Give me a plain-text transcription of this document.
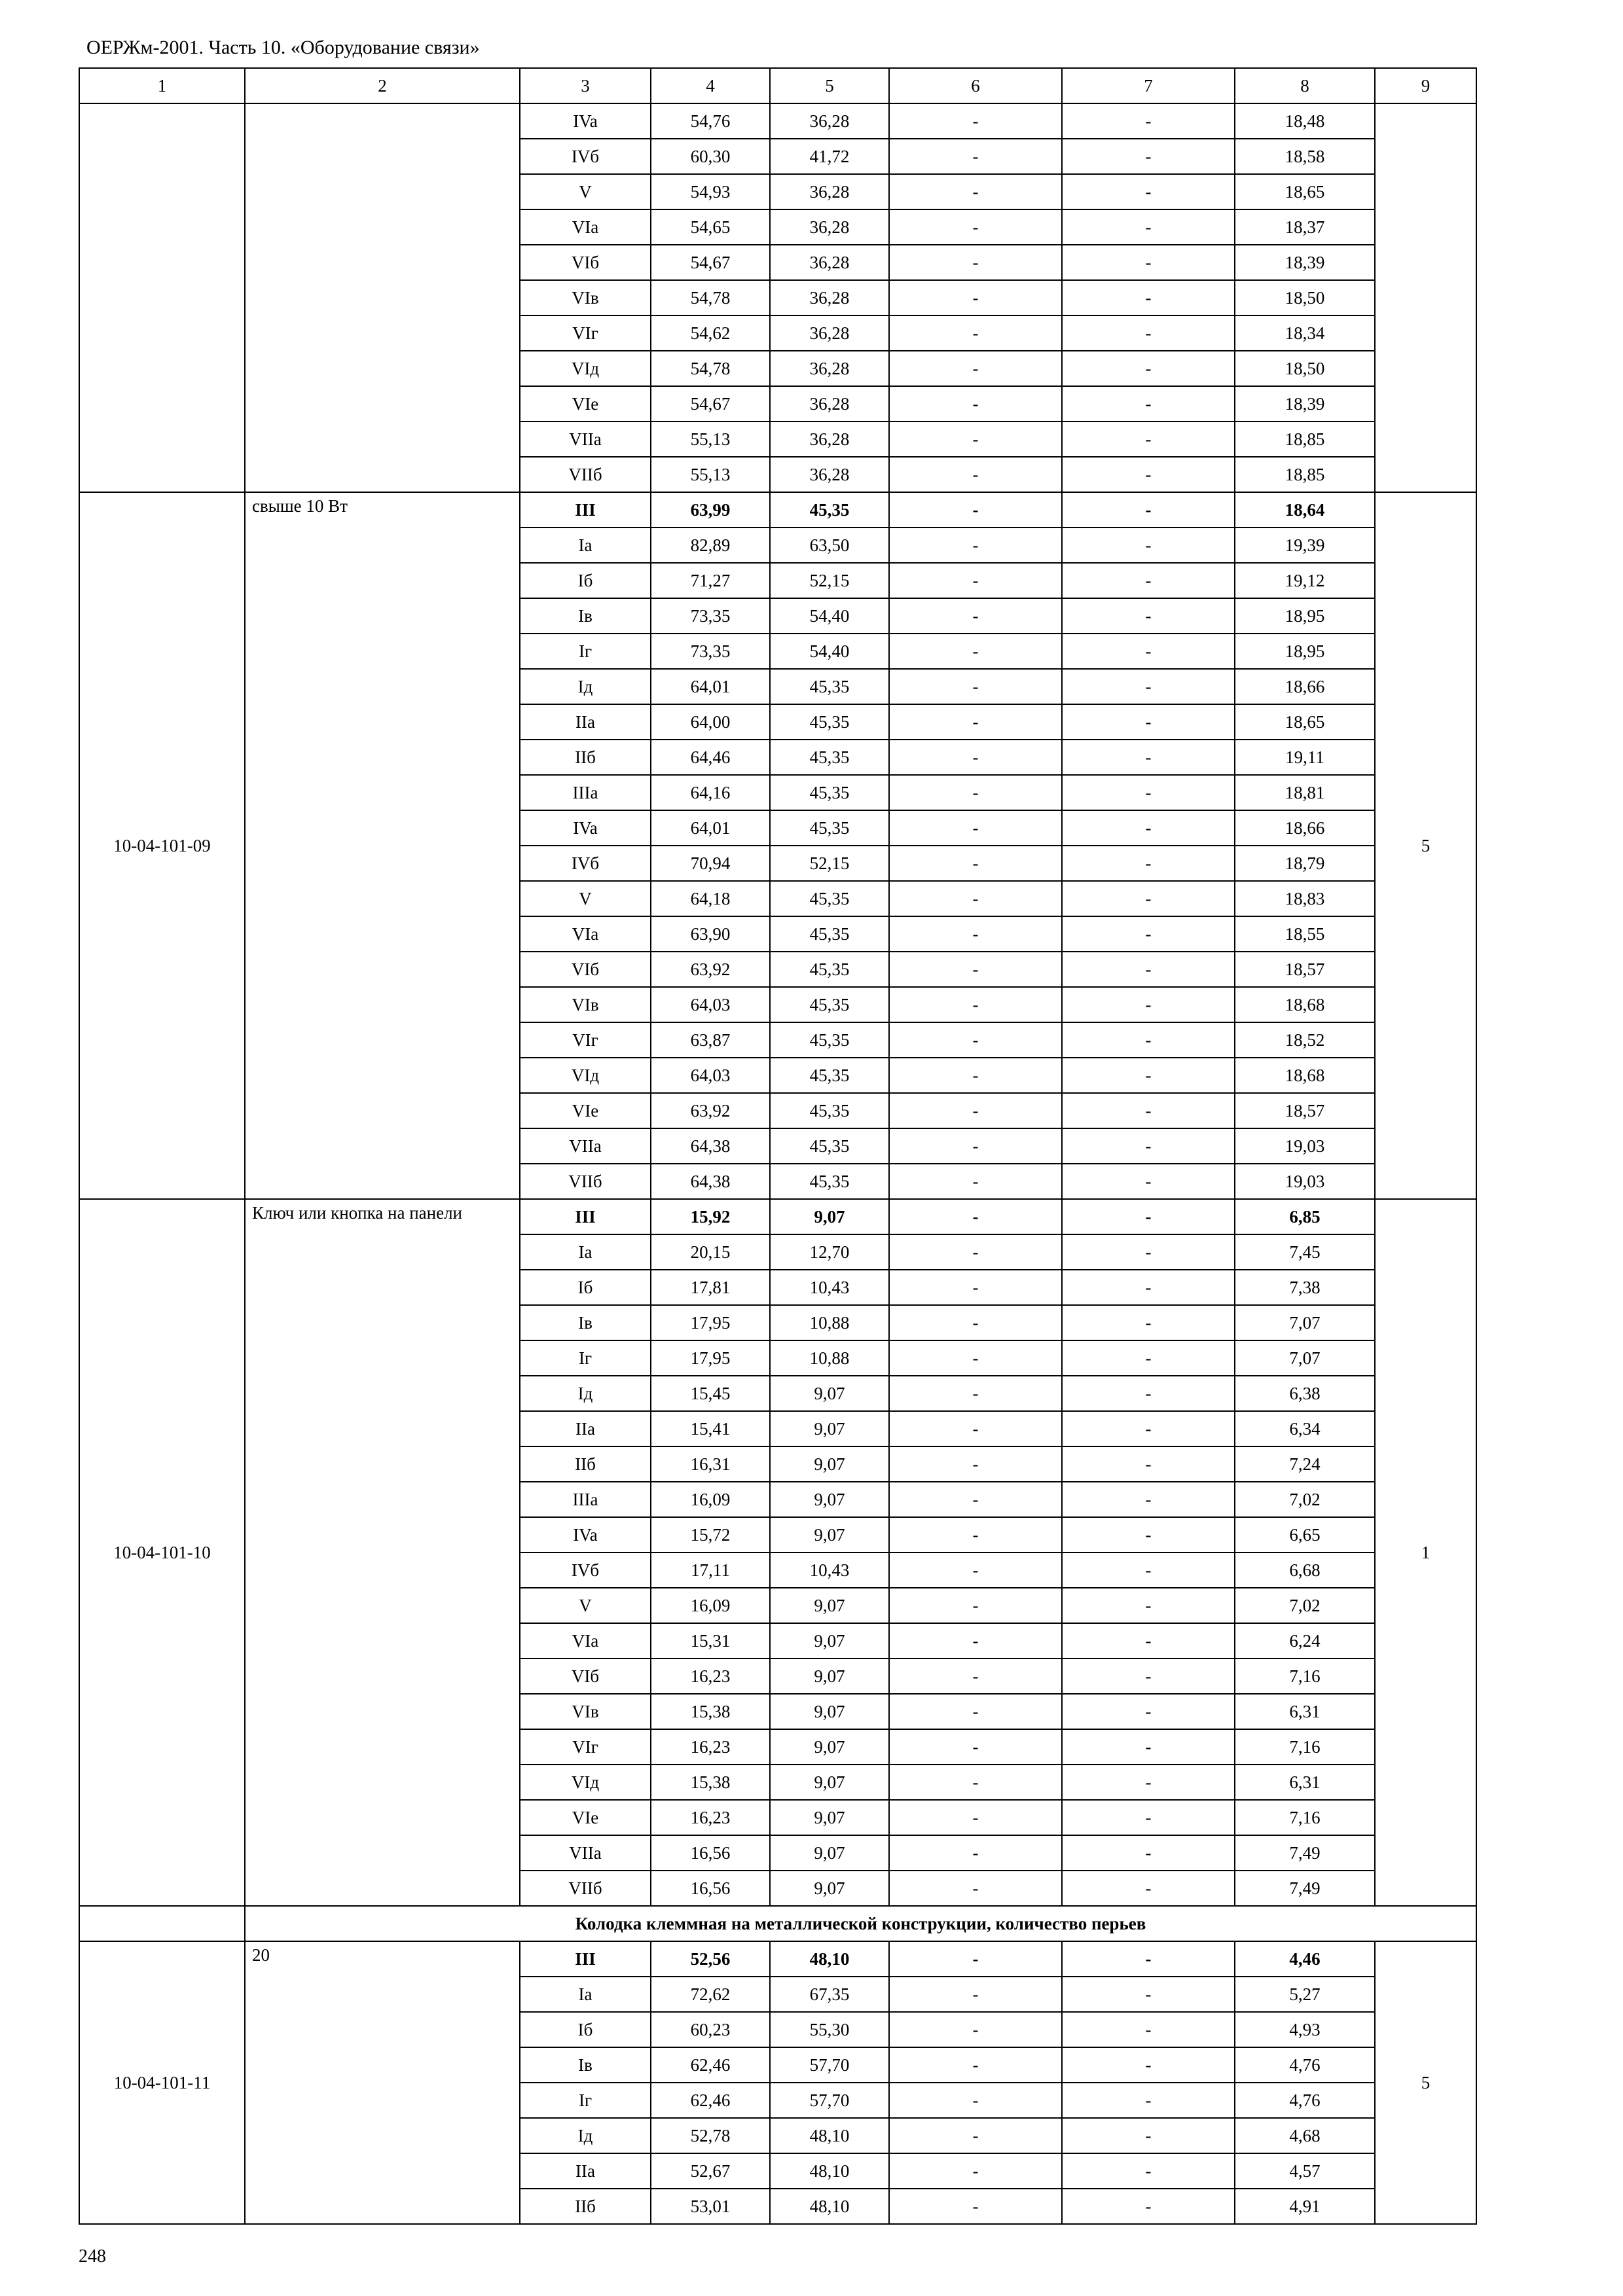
ОЕРЖм-2001. Часть 10. «Оборудование связи»
1	2	3	4	5	6	7	8	9
		IVa	54,76	36,28	-	-	18,48	
		IVб	60,30	41,72	-	-	18,58	
		V	54,93	36,28	-	-	18,65	
		VIa	54,65	36,28	-	-	18,37	
		VIб	54,67	36,28	-	-	18,39	
		VIв	54,78	36,28	-	-	18,50	
		VIг	54,62	36,28	-	-	18,34	
		VIд	54,78	36,28	-	-	18,50	
		VIe	54,67	36,28	-	-	18,39	
		VIIa	55,13	36,28	-	-	18,85	
		VIIб	55,13	36,28	-	-	18,85	
10-04-101-09	свыше 10 Вт	III	63,99	45,35	-	-	18,64	5
		Ia	82,89	63,50	-	-	19,39	
		Iб	71,27	52,15	-	-	19,12	
		Iв	73,35	54,40	-	-	18,95	
		Iг	73,35	54,40	-	-	18,95	
		Iд	64,01	45,35	-	-	18,66	
		IIa	64,00	45,35	-	-	18,65	
		IIб	64,46	45,35	-	-	19,11	
		IIIa	64,16	45,35	-	-	18,81	
		IVa	64,01	45,35	-	-	18,66	
		IVб	70,94	52,15	-	-	18,79	
		V	64,18	45,35	-	-	18,83	
		VIa	63,90	45,35	-	-	18,55	
		VIб	63,92	45,35	-	-	18,57	
		VIв	64,03	45,35	-	-	18,68	
		VIг	63,87	45,35	-	-	18,52	
		VIд	64,03	45,35	-	-	18,68	
		VIe	63,92	45,35	-	-	18,57	
		VIIa	64,38	45,35	-	-	19,03	
		VIIб	64,38	45,35	-	-	19,03	
10-04-101-10	Ключ или кнопка на панели	III	15,92	9,07	-	-	6,85	1
		Ia	20,15	12,70	-	-	7,45	
		Iб	17,81	10,43	-	-	7,38	
		Iв	17,95	10,88	-	-	7,07	
		Iг	17,95	10,88	-	-	7,07	
		Iд	15,45	9,07	-	-	6,38	
		IIa	15,41	9,07	-	-	6,34	
		IIб	16,31	9,07	-	-	7,24	
		IIIa	16,09	9,07	-	-	7,02	
		IVa	15,72	9,07	-	-	6,65	
		IVб	17,11	10,43	-	-	6,68	
		V	16,09	9,07	-	-	7,02	
		VIa	15,31	9,07	-	-	6,24	
		VIб	16,23	9,07	-	-	7,16	
		VIв	15,38	9,07	-	-	6,31	
		VIг	16,23	9,07	-	-	7,16	
		VIд	15,38	9,07	-	-	6,31	
		VIe	16,23	9,07	-	-	7,16	
		VIIa	16,56	9,07	-	-	7,49	
		VIIб	16,56	9,07	-	-	7,49	
	Колодка клеммная на металлической конструкции, количество перьев							
10-04-101-11	20	III	52,56	48,10	-	-	4,46	5
		Ia	72,62	67,35	-	-	5,27	
		Iб	60,23	55,30	-	-	4,93	
		Iв	62,46	57,70	-	-	4,76	
		Iг	62,46	57,70	-	-	4,76	
		Iд	52,78	48,10	-	-	4,68	
		IIa	52,67	48,10	-	-	4,57	
		IIб	53,01	48,10	-	-	4,91	
248
